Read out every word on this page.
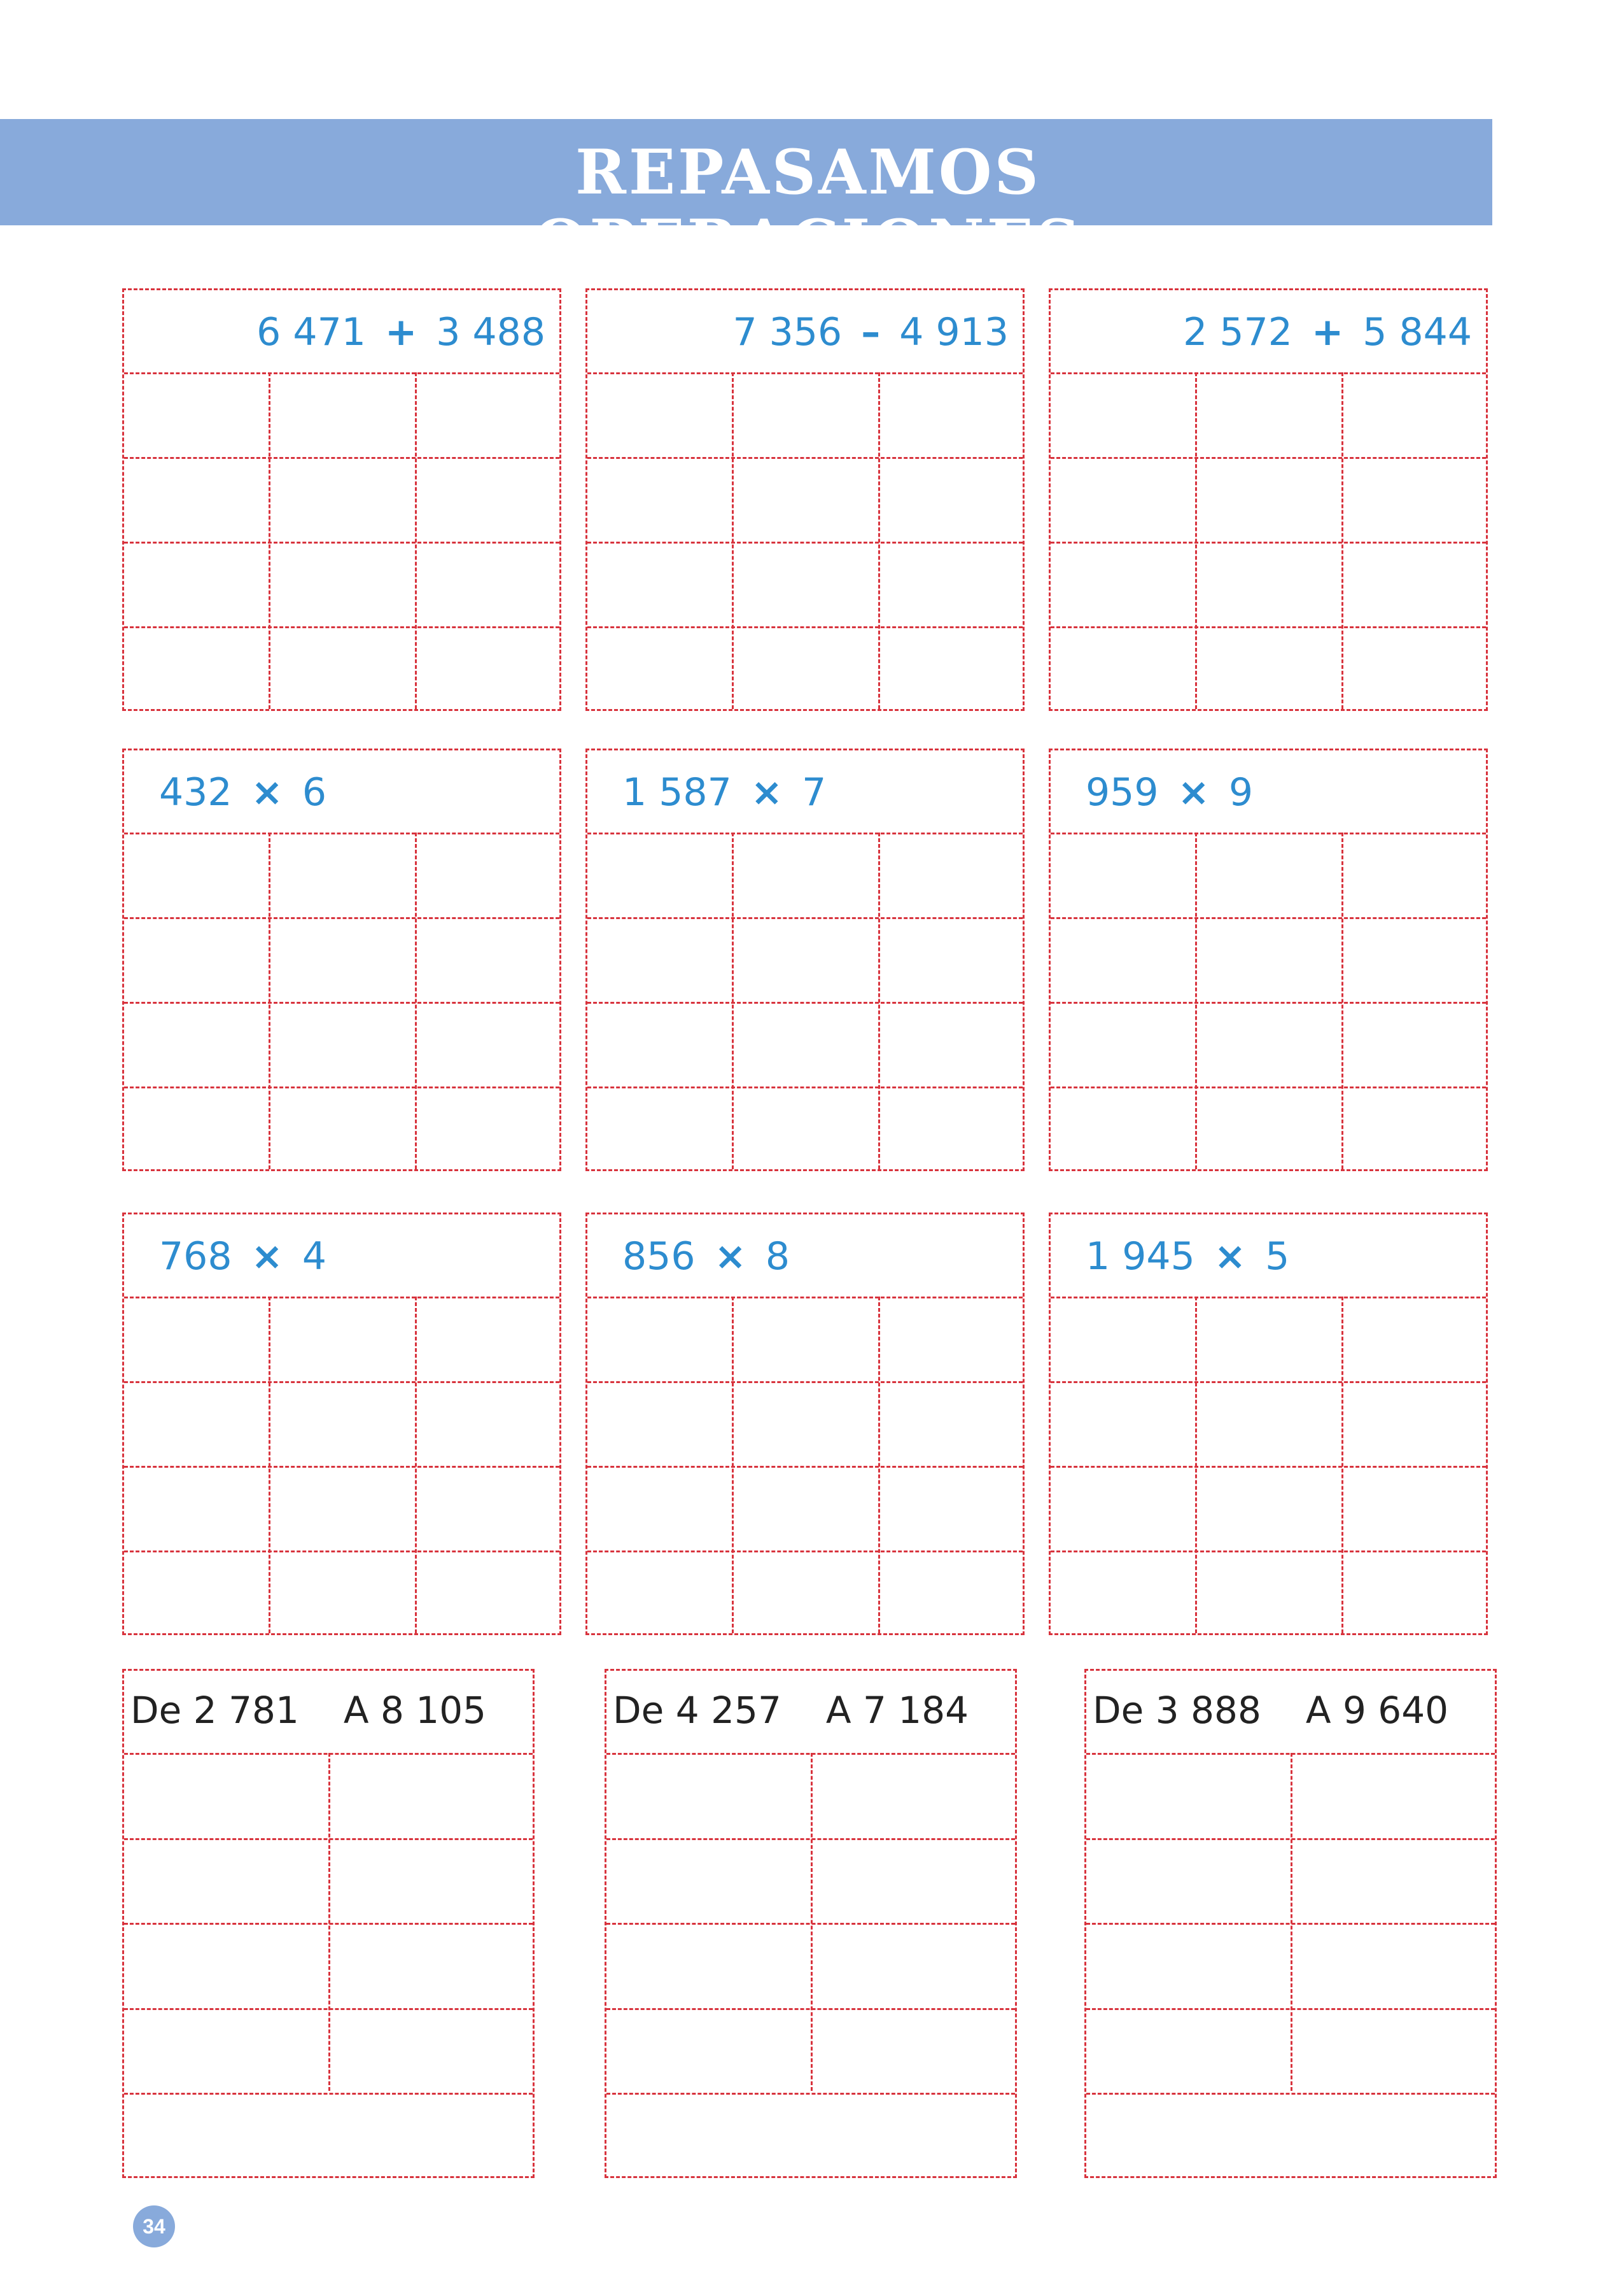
REPASAMOS OPERACIONES
6 471 + 3 488	7 356 – 4 913	2 572 + 5 844
432 × 6	1 587 × 7	959 × 9
768 × 4	856 × 8	1 945 × 5
De 2 781 A 8 105	De 4 257 A 7 184	De 3 888 A 9 640
34
